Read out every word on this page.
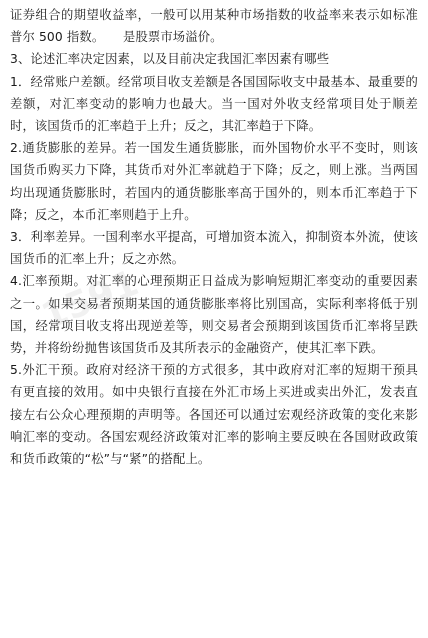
证券组合的期望收益率，一般可以用某种市场指数的收益率来表示如标准普尔 500 指数。　　是股票市场溢价。

3、论述汇率决定因素，以及目前决定我国汇率因素有哪些

1．经常账户差额。经常项目收支差额是各国国际收支中最基本、最重要的差额，对汇率变动的影响力也最大。当一国对外收支经常项目处于顺差时，该国货币的汇率趋于上升；反之，其汇率趋于下降。

2.通货膨胀的差异。若一国发生通货膨胀，而外国物价水平不变时，则该国货币购买力下降，其货币对外汇率就趋于下降；反之，则上涨。当两国均出现通货膨胀时，若国内的通货膨胀率高于国外的，则本币汇率趋于下降；反之，本币汇率则趋于上升。

3．利率差异。一国利率水平提高，可增加资本流入，抑制资本外流，使该国货币的汇率上升；反之亦然。

4.汇率预期。对汇率的心理预期正日益成为影响短期汇率变动的重要因素之一。如果交易者预期某国的通货膨胀率将比别国高，实际利率将低于别国，经常项目收支将出现逆差等，则交易者会预期到该国货币汇率将呈跌势，并将纷纷抛售该国货币及其所表示的金融资产，使其汇率下跌。

5.外汇干预。政府对经济干预的方式很多，其中政府对汇率的短期干预具有更直接的效用。如中央银行直接在外汇市场上买进或卖出外汇，发表直接左右公众心理预期的声明等。各国还可以通过宏观经济政策的变化来影响汇率的变动。各国宏观经济政策对汇率的影响主要反映在各国财政政策和货币政策的“松”与“紧”的搭配上。

1591
